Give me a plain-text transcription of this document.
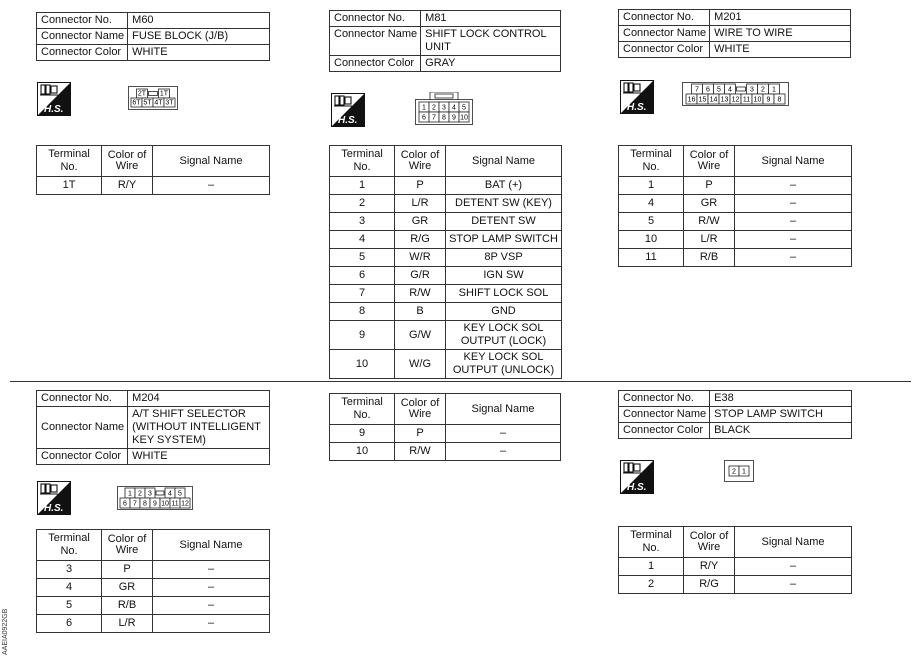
Connector No.	M60
Connector Name	FUSE BLOCK (J/B)
Connector Color	WHITE
H.S.
2T 1T
6T 5T 4T 3T
Terminal No.	Color of
Wire	Signal Name
1T	R/Y	–
Connector No.	M81
Connector Name	SHIFT LOCK CONTROL
UNIT
Connector Color	GRAY
H.S.
1 2 3 4 5
6 7 8 9 10
Terminal No.	Color of
Wire	Signal Name
1	P	BAT (+)
2	L/R	DETENT SW (KEY)
3	GR	DETENT SW
4	R/G	STOP LAMP SWITCH
5	W/R	8P VSP
6	G/R	IGN SW
7	R/W	SHIFT LOCK SOL
8	B	GND
9	G/W	KEY LOCK SOL
OUTPUT (LOCK)
10	W/G	KEY LOCK SOL
OUTPUT (UNLOCK)
Connector No.	M201
Connector Name	WIRE TO WIRE
Connector Color	WHITE
H.S.
7 6 5 4	3 2 1
16 15 14 13 12 11 10 9 8
Terminal No.	Color of
Wire	Signal Name
1	P	–
4	GR	–
5	R/W	–
10	L/R	–
11	R/B	–
Connector No.	M204
Connector Name	A/T SHIFT SELECTOR
(WITHOUT INTELLIGENT
KEY SYSTEM)
Connector Color	WHITE
H.S.
1 2 3 4 5
6 7 8 9 10 11 12
Terminal No.	Color of
Wire	Signal Name
3	P	–
4	GR	–
5	R/B	–
6	L/R	–
Terminal No.	Color of
Wire	Signal Name
9	P	–
10	R/W	–
Connector No.	E38
Connector Name	STOP LAMP SWITCH
Connector Color	BLACK
H.S.
2 1
Terminal No.	Color of
Wire	Signal Name
1	R/Y	–
2	R/G	–
AAEIA0922GB
